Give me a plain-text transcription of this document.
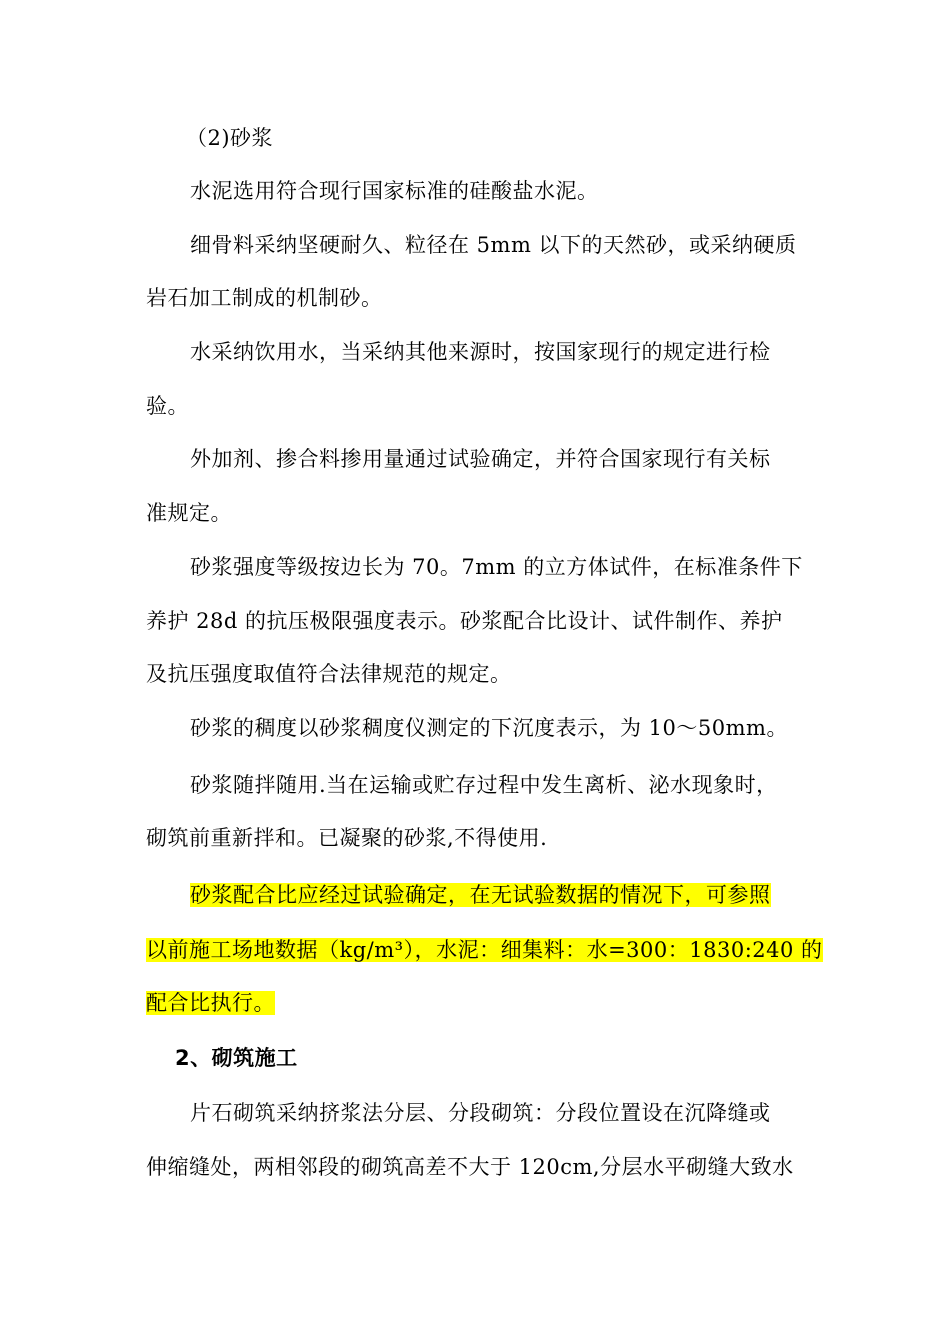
（2)砂浆
水泥选用符合现行国家标准的硅酸盐水泥。
细骨料采纳坚硬耐久、粒径在 5mm 以下的天然砂，或采纳硬质
岩石加工制成的机制砂。
水采纳饮用水，当采纳其他来源时，按国家现行的规定进行检
验。
外加剂、掺合料掺用量通过试验确定，并符合国家现行有关标
准规定。
砂浆强度等级按边长为 70。7mm 的立方体试件，在标准条件下
养护 28d 的抗压极限强度表示。砂浆配合比设计、试件制作、养护
及抗压强度取值符合法律规范的规定。
砂浆的稠度以砂浆稠度仪测定的下沉度表示，为 10～50mm。
砂浆随拌随用.当在运输或贮存过程中发生离析、泌水现象时，
砌筑前重新拌和。已凝聚的砂浆,不得使用.
砂浆配合比应经过试验确定，在无试验数据的情况下，可参照
以前施工场地数据（kg/m³），水泥：细集料：水=300：1830:240 的
配合比执行。
2、砌筑施工
片石砌筑采纳挤浆法分层、分段砌筑：分段位置设在沉降缝或
伸缩缝处，两相邻段的砌筑高差不大于 120cm,分层水平砌缝大致水
